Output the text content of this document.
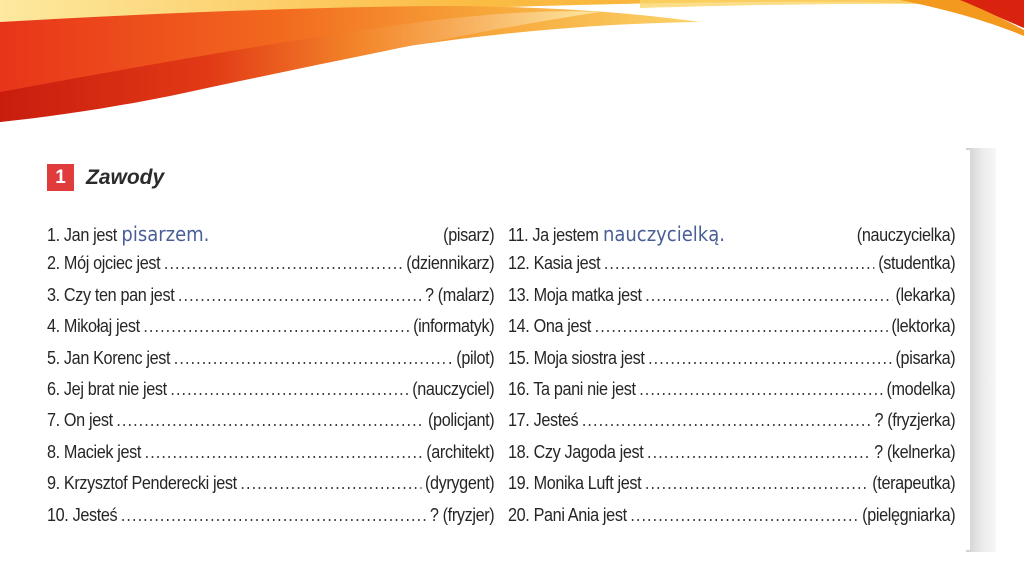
1 Zawody
1. Jan jest pisarzem.	(pisarz)
2. Mój ojciec jest .....	(dziennikarz)
3. Czy ten pan jest .....	? (malarz)
4. Mikołaj jest .....	(informatyk)
5. Jan Korenc jest .....	. (pilot)
6. Jej brat nie jest .....	(nauczyciel)
7. On jest .....	(policjant)
8. Maciek jest .....	(architekt)
9. Krzysztof Penderecki jest .....	(dyrygent)
10. Jesteś .....	? (fryzjer)
11. Ja jestem nauczycielką.	(nauczycielka)
12. Kasia jest .....	(studentka)
13. Moja matka jest .....	(lekarka)
14. Ona jest .....	(lektorka)
15. Moja siostra jest .....	(pisarka)
16. Ta pani nie jest .....	(modelka)
17. Jesteś .....	? (fryzjerka)
18. Czy Jagoda jest .....	? (kelnerka)
19. Monika Luft jest .....	(terapeutka)
20. Pani Ania jest .....	(pielęgniarka)
